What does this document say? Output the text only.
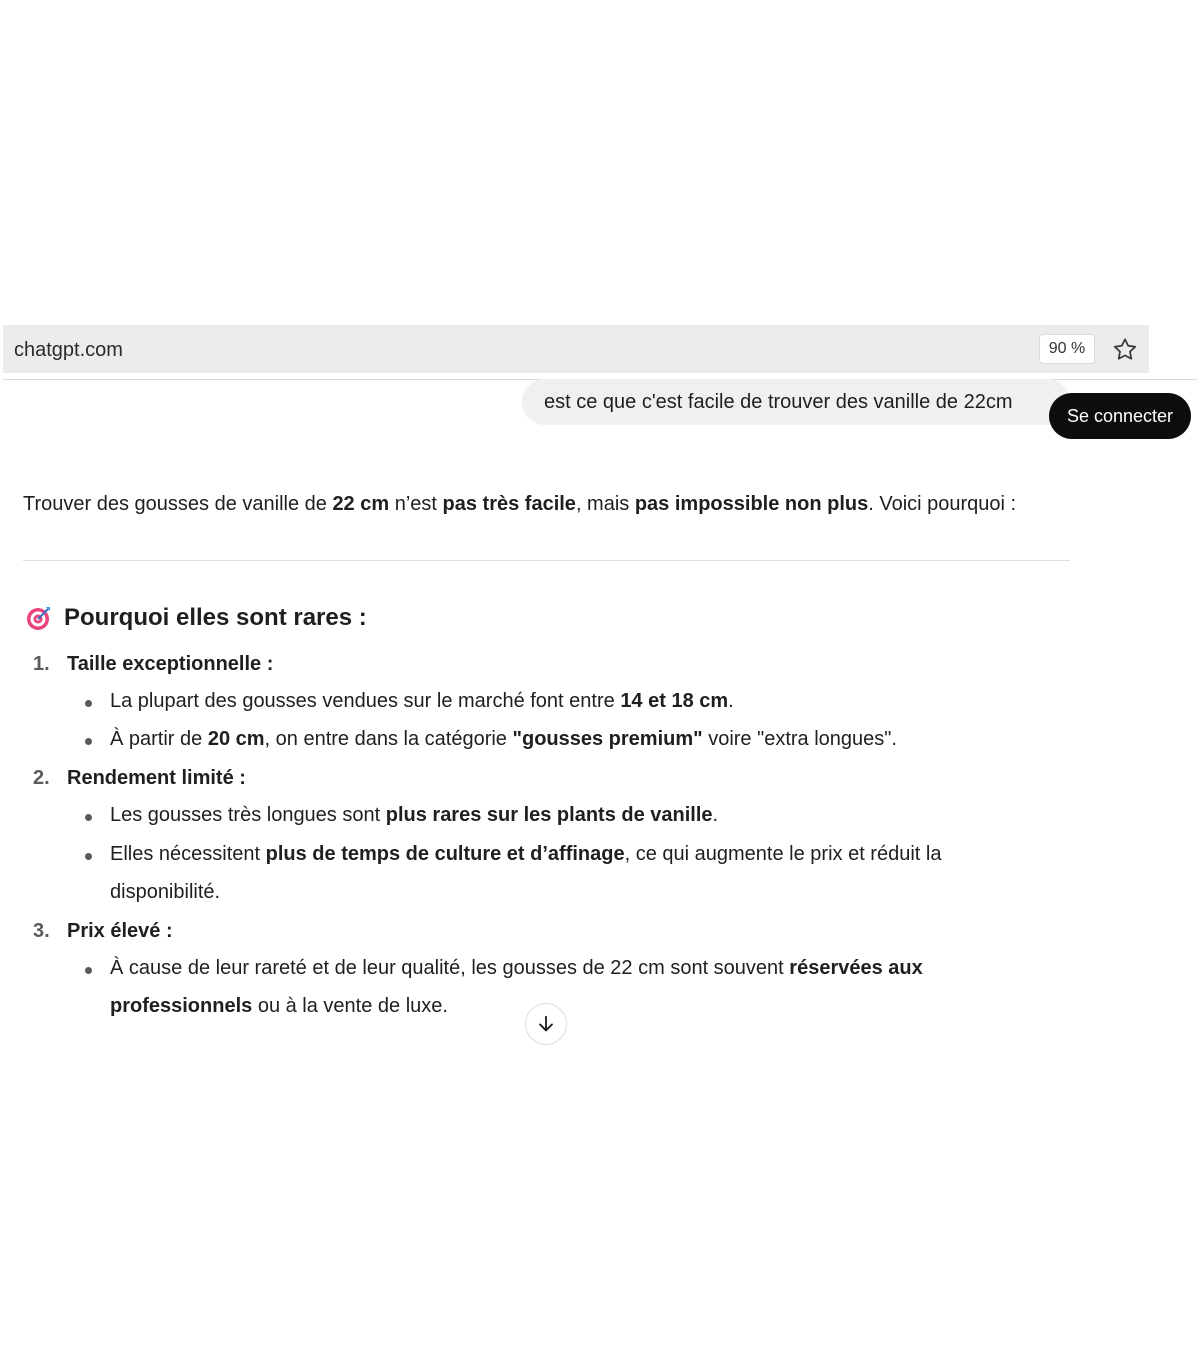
chatgpt.com	90 %
est ce que c'est facile de trouver des vanille de 22cm
Se connecter
Trouver des gousses de vanille de 22 cm n’est pas très facile, mais pas impossible non plus. Voici pourquoi :
Pourquoi elles sont rares :
1. Taille exceptionnelle :
La plupart des gousses vendues sur le marché font entre 14 et 18 cm.
À partir de 20 cm, on entre dans la catégorie "gousses premium" voire "extra longues".
2. Rendement limité :
Les gousses très longues sont plus rares sur les plants de vanille.
Elles nécessitent plus de temps de culture et d’affinage, ce qui augmente le prix et réduit la
disponibilité.
3. Prix élevé :
À cause de leur rareté et de leur qualité, les gousses de 22 cm sont souvent réservées aux
professionnels ou à la vente de luxe.
